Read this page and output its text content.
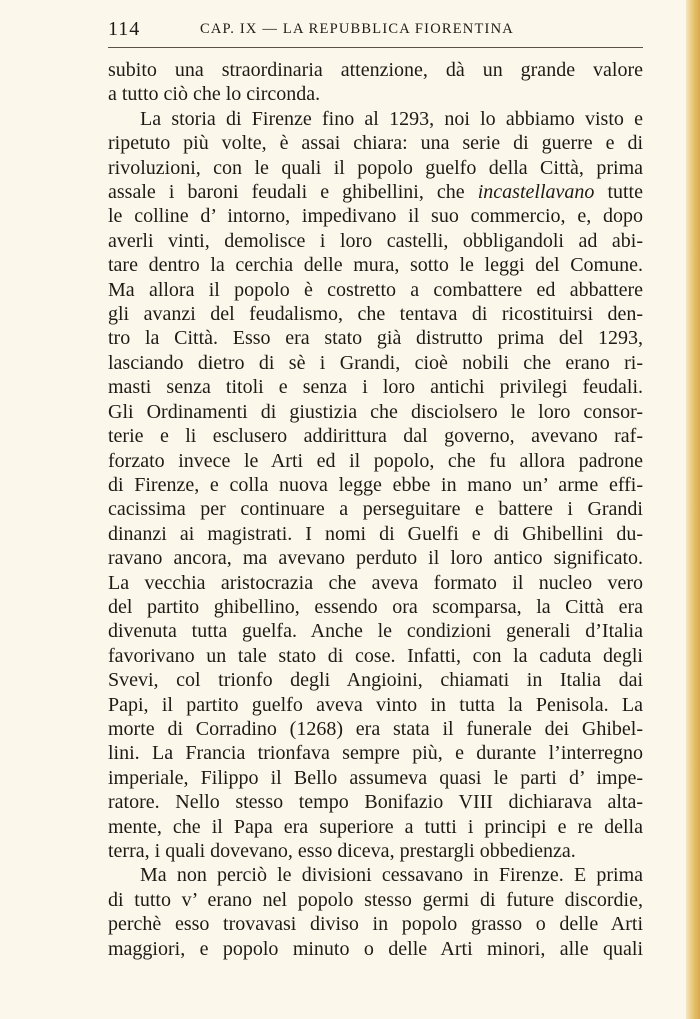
114	CAP. IX — LA REPUBBLICA FIORENTINA
subito una straordinaria attenzione, dà un grande valore
a tutto ciò che lo circonda.
La storia di Firenze fino al 1293, noi lo abbiamo visto e
ripetuto più volte, è assai chiara: una serie di guerre e di
rivoluzioni, con le quali il popolo guelfo della Città, prima
assale i baroni feudali e ghibellini, che incastellavano tutte
le colline d’ intorno, impedivano il suo commercio, e, dopo
averli vinti, demolisce i loro castelli, obbligandoli ad abi-
tare dentro la cerchia delle mura, sotto le leggi del Comune.
Ma allora il popolo è costretto a combattere ed abbattere
gli avanzi del feudalismo, che tentava di ricostituirsi den-
tro la Città. Esso era stato già distrutto prima del 1293,
lasciando dietro di sè i Grandi, cioè nobili che erano ri-
masti senza titoli e senza i loro antichi privilegi feudali.
Gli Ordinamenti di giustizia che disciolsero le loro consor-
terie e li esclusero addirittura dal governo, avevano raf-
forzato invece le Arti ed il popolo, che fu allora padrone
di Firenze, e colla nuova legge ebbe in mano un’ arme effi-
cacissima per continuare a perseguitare e battere i Grandi
dinanzi ai magistrati. I nomi di Guelfi e di Ghibellini du-
ravano ancora, ma avevano perduto il loro antico significato.
La vecchia aristocrazia che aveva formato il nucleo vero
del partito ghibellino, essendo ora scomparsa, la Città era
divenuta tutta guelfa. Anche le condizioni generali d’Italia
favorivano un tale stato di cose. Infatti, con la caduta degli
Svevi, col trionfo degli Angioini, chiamati in Italia dai
Papi, il partito guelfo aveva vinto in tutta la Penisola. La
morte di Corradino (1268) era stata il funerale dei Ghibel-
lini. La Francia trionfava sempre più, e durante l’interregno
imperiale, Filippo il Bello assumeva quasi le parti d’ impe-
ratore. Nello stesso tempo Bonifazio VIII dichiarava alta-
mente, che il Papa era superiore a tutti i principi e re della
terra, i quali dovevano, esso diceva, prestargli obbedienza.
Ma non perciò le divisioni cessavano in Firenze. E prima
di tutto v’ erano nel popolo stesso germi di future discordie,
perchè esso trovavasi diviso in popolo grasso o delle Arti
maggiori, e popolo minuto o delle Arti minori, alle quali
